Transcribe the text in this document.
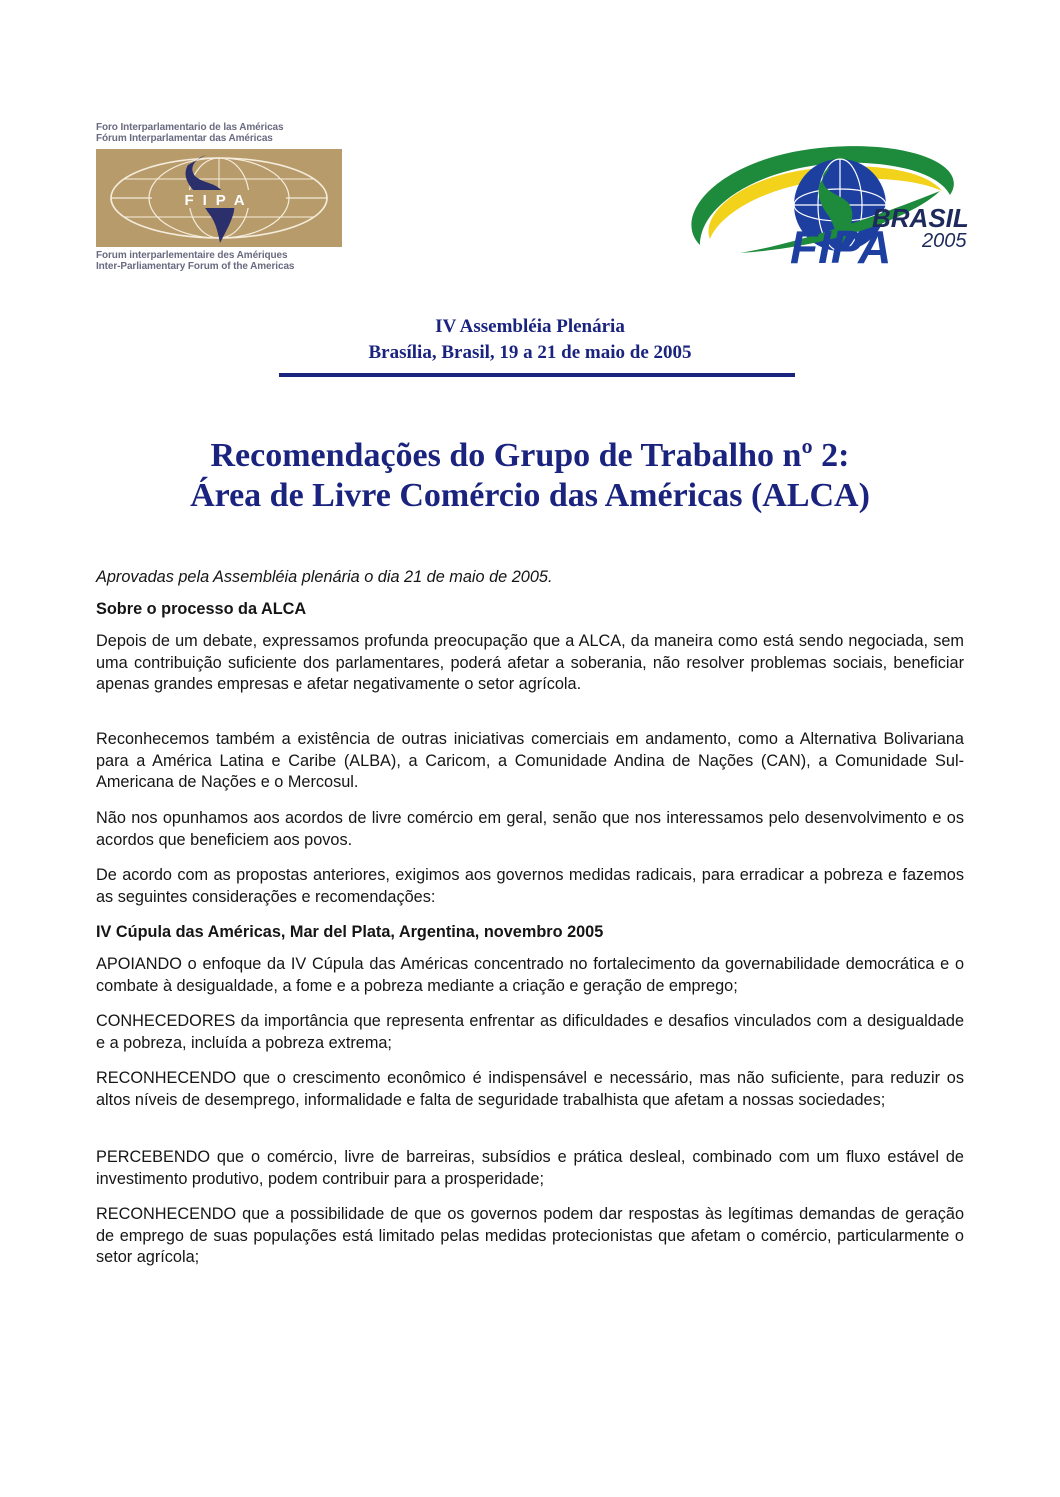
Foro Interparlamentario de las Américas
Fórum Interparlamentar das Américas
FIPA
Forum interparlementaire des Amériques
Inter-Parliamentary Forum of the Americas
BRASIL
FIPA 2005
IV Assembléia Plenária
Brasília, Brasil, 19 a 21 de maio de 2005
Recomendações do Grupo de Trabalho nº 2:
Área de Livre Comércio das Américas (ALCA)

Aprovadas pela Assembléia plenária o dia 21 de maio de 2005.

Sobre o processo da ALCA

Depois de um debate, expressamos profunda preocupação que a ALCA, da maneira como está sendo negociada, sem uma contribuição suficiente dos parlamentares, poderá afetar a soberania, não resolver problemas sociais, beneficiar apenas grandes empresas e afetar negativamente o setor agrícola.

Reconhecemos também a existência de outras iniciativas comerciais em andamento, como a Alternativa Bolivariana para a América Latina e Caribe (ALBA), a Caricom, a Comunidade Andina de Nações (CAN), a Comunidade Sul-Americana de Nações e o Mercosul.

Não nos opunhamos aos acordos de livre comércio em geral, senão que nos interessamos pelo desenvolvimento e os acordos que beneficiem aos povos.

De acordo com as propostas anteriores, exigimos aos governos medidas radicais, para erradicar a pobreza e fazemos as seguintes considerações e recomendações:

IV Cúpula das Américas, Mar del Plata, Argentina, novembro 2005

APOIANDO o enfoque da IV Cúpula das Américas concentrado no fortalecimento da governabilidade democrática e o combate à desigualdade, a fome e a pobreza mediante a criação e geração de emprego;

CONHECEDORES da importância que representa enfrentar as dificuldades e desafios vinculados com a desigualdade e a pobreza, incluída a pobreza extrema;

RECONHECENDO que o crescimento econômico é indispensável e necessário, mas não suficiente, para reduzir os altos níveis de desemprego, informalidade e falta de seguridade trabalhista que afetam a nossas sociedades;

PERCEBENDO que o comércio, livre de barreiras, subsídios e prática desleal, combinado com um fluxo estável de investimento produtivo, podem contribuir para a prosperidade;

RECONHECENDO que a possibilidade de que os governos podem dar respostas às legítimas demandas de geração de emprego de suas populações está limitado pelas medidas protecionistas que afetam o comércio, particularmente o setor agrícola;
